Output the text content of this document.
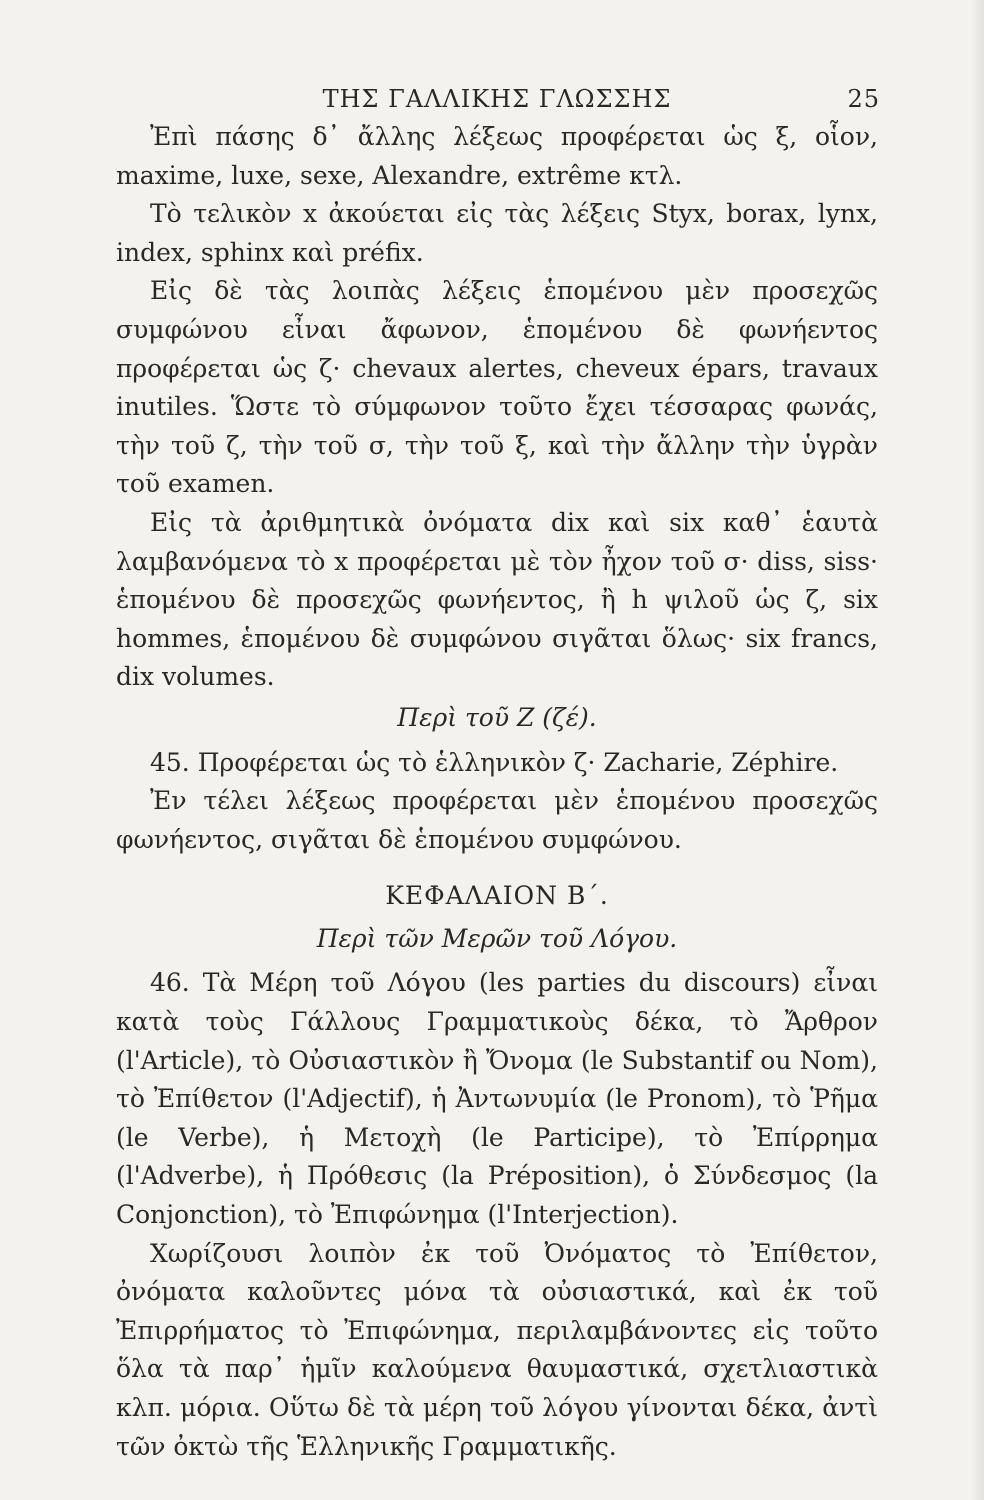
ΤΗΣ ΓΑΛΛΙΚΗΣ ΓΛΩΣΣΗΣ	25

Ἐπὶ πάσης δ᾽ ἄλλης λέξεως προφέρεται ὡς ξ, οἷον, maxime, luxe, sexe, Alexandre, extrême κτλ.

Τὸ τελικὸν x ἀκούεται εἰς τὰς λέξεις Styx, borax, lynx, index, sphinx καὶ préfix.

Εἰς δὲ τὰς λοιπὰς λέξεις ἑπομένου μὲν προσεχῶς συμφώνου εἶναι ἄφωνον, ἑπομένου δὲ φωνήεντος προφέρεται ὡς ζ· chevaux alertes, cheveux épars, travaux inutiles. Ὥστε τὸ σύμφωνον τοῦτο ἔχει τέσσαρας φωνάς, τὴν τοῦ ζ, τὴν τοῦ σ, τὴν τοῦ ξ, καὶ τὴν ἄλλην τὴν ὑγρὰν τοῦ examen.

Εἰς τὰ ἀριθμητικὰ ὀνόματα dix καὶ six καθ᾽ ἑαυτὰ λαμβανόμενα τὸ x προφέρεται μὲ τὸν ἦχον τοῦ σ· diss, siss· ἑπομένου δὲ προσεχῶς φωνήεντος, ἢ h ψιλοῦ ὡς ζ, six hommes, ἑπομένου δὲ συμφώνου σιγᾶται ὅλως· six francs, dix volumes.

Περὶ τοῦ Ζ (ζέ).

45. Προφέρεται ὡς τὸ ἑλληνικὸν ζ· Zacharie, Zéphire.

Ἐν τέλει λέξεως προφέρεται μὲν ἑπομένου προσεχῶς φωνήεντος, σιγᾶται δὲ ἑπομένου συμφώνου.

ΚΕΦΑΛΑΙΟΝ Β΄.

Περὶ τῶν Μερῶν τοῦ Λόγου.

46. Τὰ Μέρη τοῦ Λόγου (les parties du discours) εἶναι κατὰ τοὺς Γάλλους Γραμματικοὺς δέκα, τὸ Ἄρθρον (l'Article), τὸ Οὐσιαστικὸν ἢ Ὄνομα (le Substantif ou Nom), τὸ Ἐπίθετον (l'Adjectif), ἡ Ἀντωνυμία (le Pronom), τὸ Ῥῆμα (le Verbe), ἡ Μετοχὴ (le Participe), τὸ Ἐπίρρημα (l'Adverbe), ἡ Πρόθεσις (la Préposition), ὁ Σύνδεσμος (la Conjonction), τὸ Ἐπιφώνημα (l'Interjection).

Χωρίζουσι λοιπὸν ἐκ τοῦ Ὀνόματος τὸ Ἐπίθετον, ὀνόματα καλοῦντες μόνα τὰ οὐσιαστικά, καὶ ἐκ τοῦ Ἐπιρρήματος τὸ Ἐπιφώνημα, περιλαμβάνοντες εἰς τοῦτο ὅλα τὰ παρ᾽ ἡμῖν καλούμενα θαυμαστικά, σχετλιαστικὰ κλπ. μόρια. Οὕτω δὲ τὰ μέρη τοῦ λόγου γίνονται δέκα, ἀντὶ τῶν ὀκτὼ τῆς Ἑλληνικῆς Γραμματικῆς.
